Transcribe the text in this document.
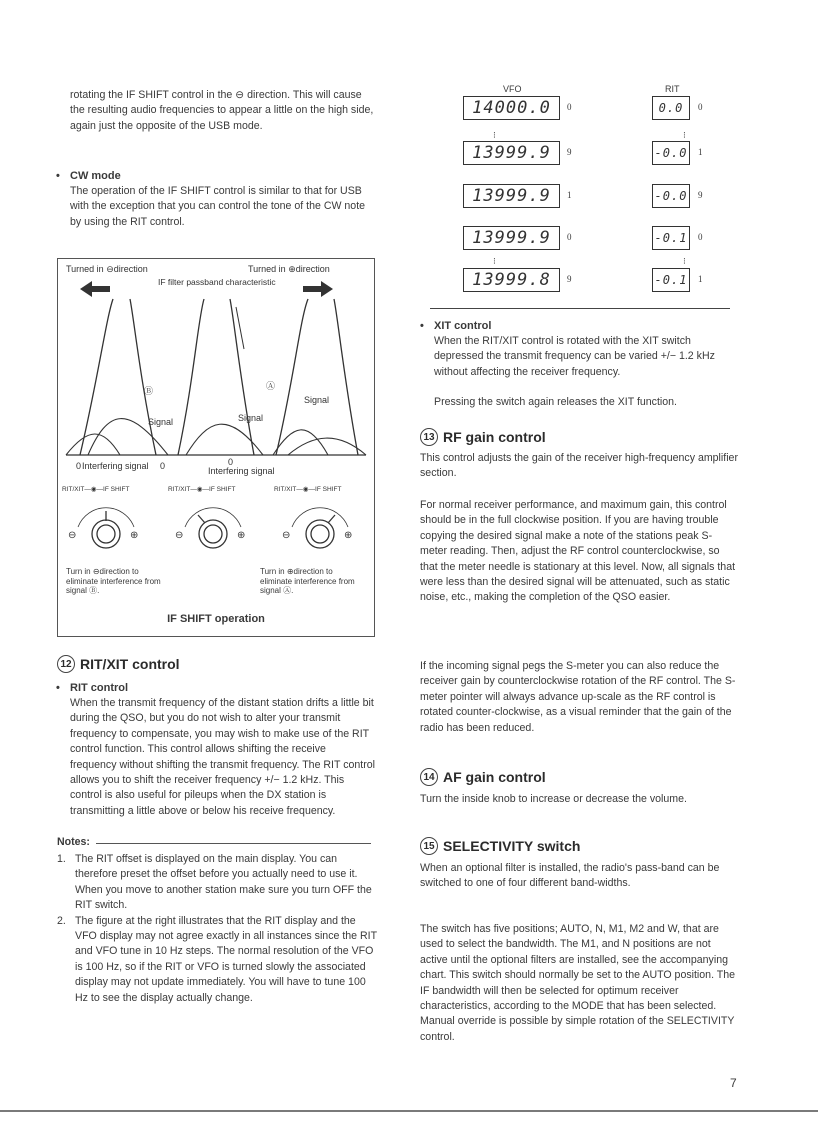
rotating the IF SHIFT control in the ⊖ direction. This will cause the resulting audio frequencies to appear a little on the high side, again just the opposite of the USB mode.

• CW mode

The operation of the IF SHIFT control is similar to that for USB with the exception that you can control the tone of the CW note by using the RIT control.

Turned in ⊖direction	Turned in ⊕direction
IF filter passband characteristic
Ⓑ	Ⓐ
Signal	Signal
Signal
0 Interfering signal 0	0
Interfering signal
RIT/XIT—◉—IF SHIFT	RIT/XIT—◉—IF SHIFT	RIT/XIT—◉—IF SHIFT
⊖	⊕	⊖	⊕	⊖	⊕
Turn in ⊖direction to eliminate interference from signal Ⓑ.
Turn in ⊕direction to eliminate interference from signal Ⓐ.
IF SHIFT operation
12 RIT/XIT control

• RIT control

When the transmit frequency of the distant station drifts a little bit during the QSO, but you do not wish to alter your transmit frequency to compensate, you may wish to make use of the RIT control function. This control allows shifting the receive frequency without shifting the transmit frequency. The RIT control allows you to shift the receiver frequency +/− 1.2 kHz. This control is also useful for pileups when the DX station is transmitting a little above or below his receive frequency.

Notes:

1. The RIT offset is displayed on the main display. You can therefore preset the offset before you actually need to use it. When you move to another station make sure you turn OFF the RIT switch.
2. The figure at the right illustrates that the RIT display and the VFO display may not agree exactly in all instances since the RIT and VFO tune in 10 Hz steps. The normal resolution of the VFO is 100 Hz, so if the RIT or VFO is turned slowly the associated display may not update immediately. You will have to tune 100 Hz to see the display actually change.
VFO	RIT
14000.0	0	0.0	0
13999.9	9	-0.0 1
13999.9	1	-0.0 9
13999.9	0	-0.1 0
13999.8	9	-0.1 1
⁝	⁝
⁝	⁝

• XIT control

When the RIT/XIT control is rotated with the XIT switch depressed the transmit frequency can be varied +/− 1.2 kHz without affecting the receiver frequency.

Pressing the switch again releases the XIT function.

13 RF gain control

This control adjusts the gain of the receiver high-frequency amplifier section.

For normal receiver performance, and maximum gain, this control should be in the full clockwise position. If you are having trouble copying the desired signal make a note of the stations peak S-meter reading. Then, adjust the RF control counterclockwise, so that the meter needle is stationary at this level. Now, all signals that were less than the desired signal will be attenuated, such as static noise, etc., making the completion of the QSO easier.

If the incoming signal pegs the S-meter you can also reduce the receiver gain by counterclockwise rotation of the RF control. The S-meter pointer will always advance up-scale as the RF control is rotated counter-clockwise, as a visual reminder that the gain of the radio has been reduced.

14 AF gain control

Turn the inside knob to increase or decrease the volume.

15 SELECTIVITY switch

When an optional filter is installed, the radio's pass-band can be switched to one of four different band-widths.

The switch has five positions; AUTO, N, M1, M2 and W, that are used to select the bandwidth. The M1, and N positions are not active until the optional filters are installed, see the accompanying chart. This switch should normally be set to the AUTO position. The IF bandwidth will then be selected for optimum receiver characteristics, according to the MODE that has been selected. Manual override is possible by simple rotation of the SELECTIVITY control.

7
